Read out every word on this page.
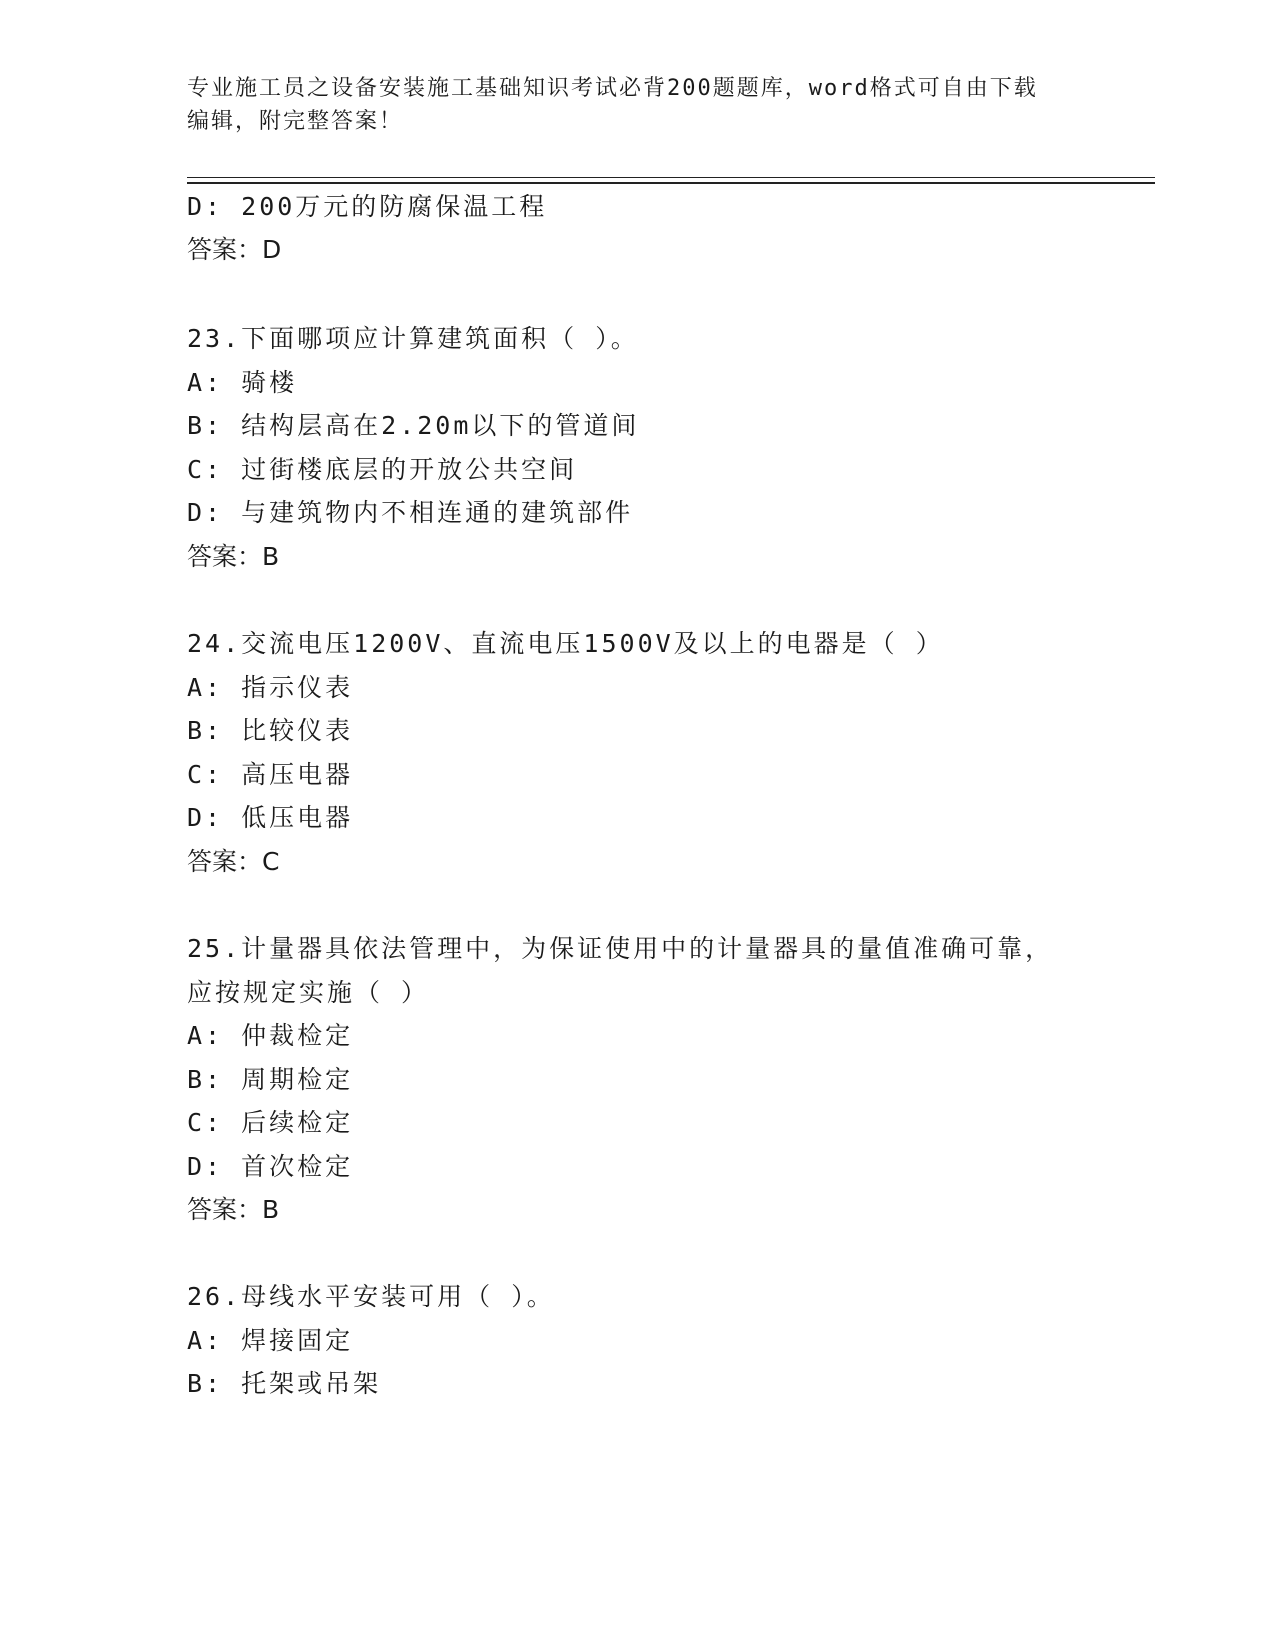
专业施工员之设备安装施工基础知识考试必背200题题库，word格式可自由下载
编辑，附完整答案！
D: 200万元的防腐保温工程
答案：D
23.下面哪项应计算建筑面积（ ）。
A: 骑楼
B: 结构层高在2.20m以下的管道间
C: 过街楼底层的开放公共空间
D: 与建筑物内不相连通的建筑部件
答案：B
24.交流电压1200V、直流电压1500V及以上的电器是（ ）
A: 指示仪表
B: 比较仪表
C: 高压电器
D: 低压电器
答案：C
25.计量器具依法管理中，为保证使用中的计量器具的量值准确可靠，
应按规定实施（ ）
A: 仲裁检定
B: 周期检定
C: 后续检定
D: 首次检定
答案：B
26.母线水平安装可用（ ）。
A: 焊接固定
B: 托架或吊架
